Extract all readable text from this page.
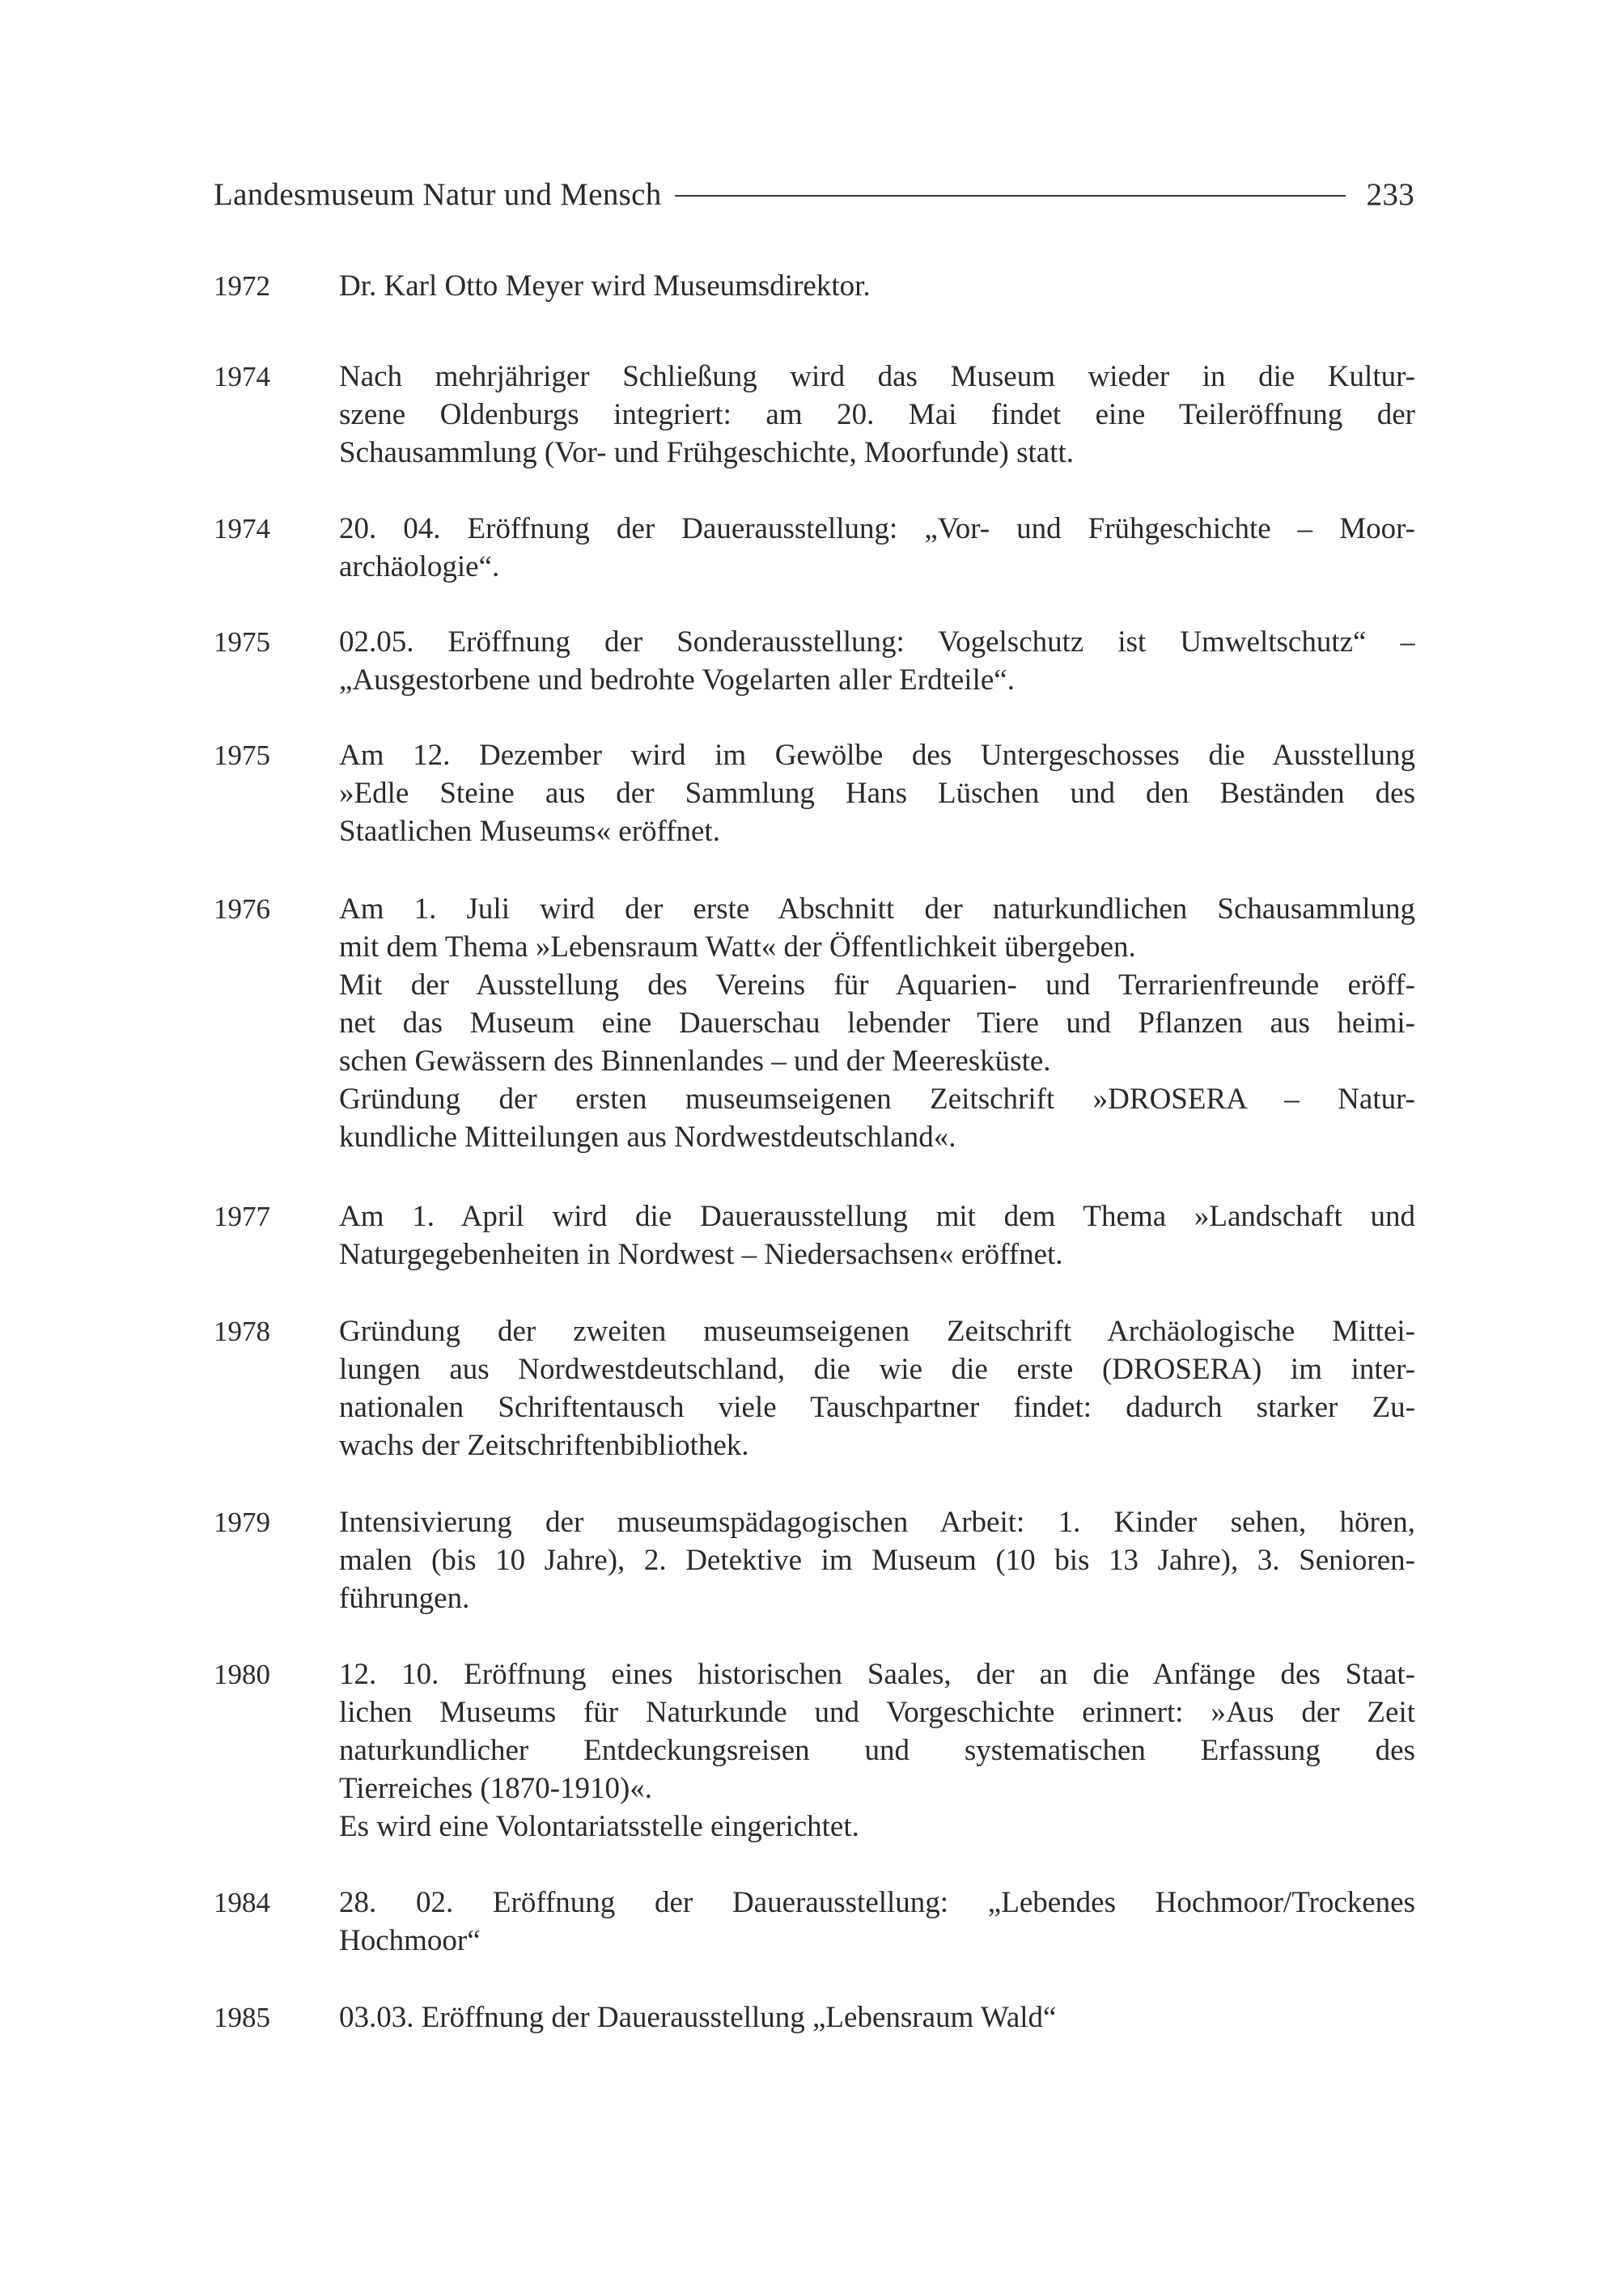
Landesmuseum Natur und Mensch	233
1972	Dr. Karl Otto Meyer wird Museumsdirektor.
1974	Nach mehrjähriger Schließung wird das Museum wieder in die Kultur-
szene Oldenburgs integriert: am 20. Mai findet eine Teileröffnung der
Schausammlung (Vor- und Frühgeschichte, Moorfunde) statt.
1974	20. 04. Eröffnung der Dauerausstellung: „Vor- und Frühgeschichte – Moor-
archäologie“.
1975	02.05. Eröffnung der Sonderausstellung: Vogelschutz ist Umweltschutz“ –
„Ausgestorbene und bedrohte Vogelarten aller Erdteile“.
1975	Am 12. Dezember wird im Gewölbe des Untergeschosses die Ausstellung
»Edle Steine aus der Sammlung Hans Lüschen und den Beständen des
Staatlichen Museums« eröffnet.
1976	Am 1. Juli wird der erste Abschnitt der naturkundlichen Schausammlung
mit dem Thema »Lebensraum Watt« der Öffentlichkeit übergeben.
Mit der Ausstellung des Vereins für Aquarien- und Terrarienfreunde eröff-
net das Museum eine Dauerschau lebender Tiere und Pflanzen aus heimi-
schen Gewässern des Binnenlandes – und der Meeresküste.
Gründung der ersten museumseigenen Zeitschrift »DROSERA – Natur-
kundliche Mitteilungen aus Nordwestdeutschland«.
1977	Am 1. April wird die Dauerausstellung mit dem Thema »Landschaft und
Naturgegebenheiten in Nordwest – Niedersachsen« eröffnet.
1978	Gründung der zweiten museumseigenen Zeitschrift Archäologische Mittei-
lungen aus Nordwestdeutschland, die wie die erste (DROSERA) im inter-
nationalen Schriftentausch viele Tauschpartner findet: dadurch starker Zu-
wachs der Zeitschriftenbibliothek.
1979	Intensivierung der museumspädagogischen Arbeit: 1. Kinder sehen, hören,
malen (bis 10 Jahre), 2. Detektive im Museum (10 bis 13 Jahre), 3. Senioren-
führungen.
1980	12. 10. Eröffnung eines historischen Saales, der an die Anfänge des Staat-
lichen Museums für Naturkunde und Vorgeschichte erinnert: »Aus der Zeit
naturkundlicher Entdeckungsreisen und systematischen Erfassung des
Tierreiches (1870-1910)«.
Es wird eine Volontariatsstelle eingerichtet.
1984	28. 02. Eröffnung der Dauerausstellung: „Lebendes Hochmoor/Trockenes
Hochmoor“
1985	03.03. Eröffnung der Dauerausstellung „Lebensraum Wald“
